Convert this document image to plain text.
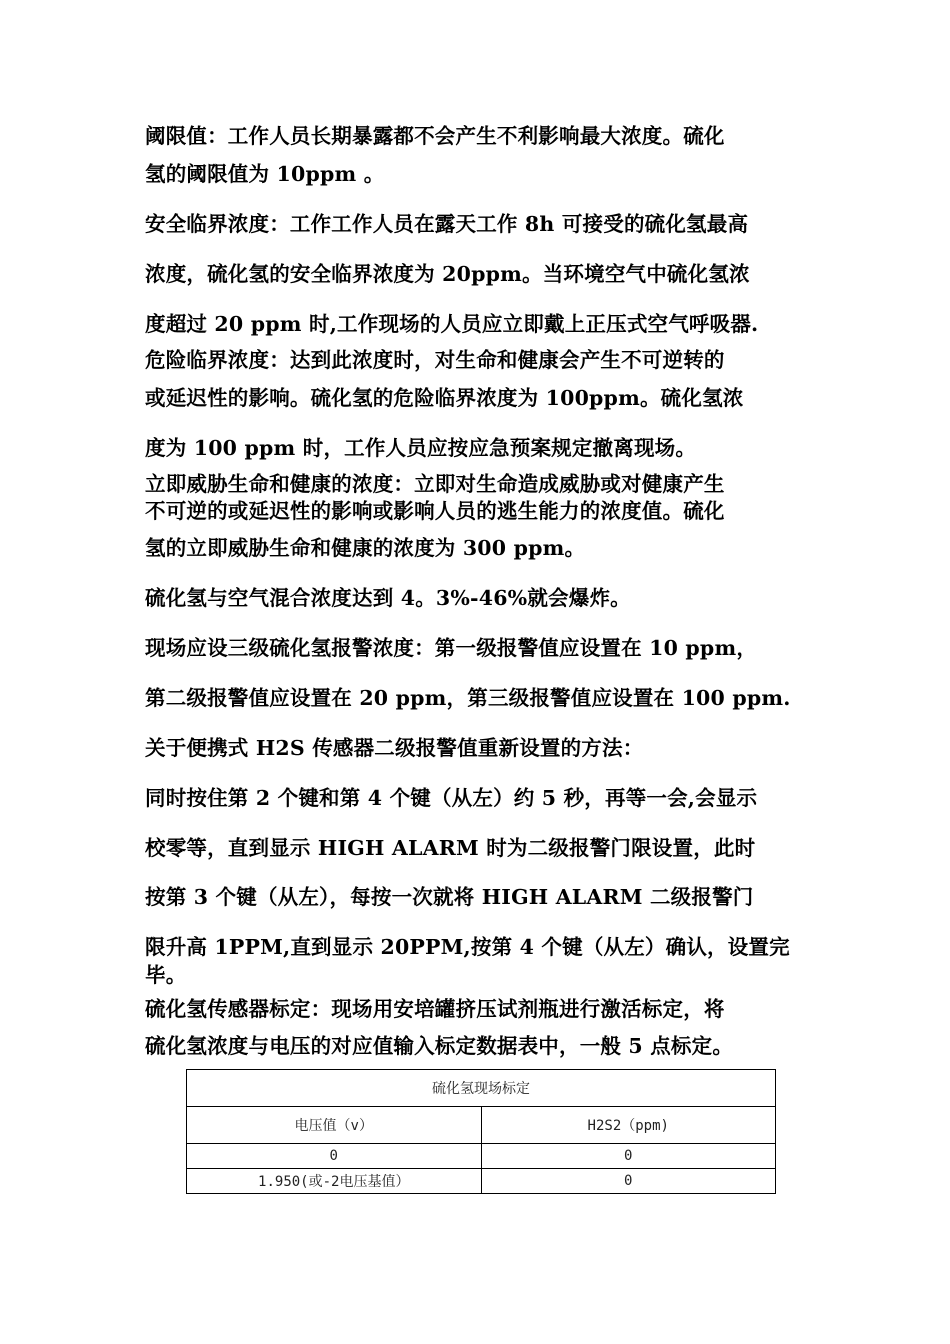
阈限值：工作人员长期暴露都不会产生不利影响最大浓度。硫化
氢的阈限值为 10ppm 。
安全临界浓度：工作工作人员在露天工作 8h 可接受的硫化氢最高
浓度，硫化氢的安全临界浓度为 20ppm。当环境空气中硫化氢浓
度超过 20 ppm 时,工作现场的人员应立即戴上正压式空气呼吸器.
危险临界浓度：达到此浓度时，对生命和健康会产生不可逆转的
或延迟性的影响。硫化氢的危险临界浓度为 100ppm。硫化氢浓
度为 100 ppm 时，工作人员应按应急预案规定撤离现场。
立即威胁生命和健康的浓度：立即对生命造成威胁或对健康产生
不可逆的或延迟性的影响或影响人员的逃生能力的浓度值。硫化
氢的立即威胁生命和健康的浓度为 300 ppm。
硫化氢与空气混合浓度达到 4。3%-46%就会爆炸。
现场应设三级硫化氢报警浓度：第一级报警值应设置在 10 ppm，
第二级报警值应设置在 20 ppm，第三级报警值应设置在 100 ppm.
关于便携式 H2S 传感器二级报警值重新设置的方法：
同时按住第 2 个键和第 4 个键（从左）约 5 秒，再等一会,会显示
校零等，直到显示 HIGH ALARM 时为二级报警门限设置，此时
按第 3 个键（从左），每按一次就将 HIGH ALARM 二级报警门
限升高 1PPM,直到显示 20PPM,按第 4 个键（从左）确认，设置完
毕。
硫化氢传感器标定：现场用安培罐挤压试剂瓶进行激活标定，将
硫化氢浓度与电压的对应值输入标定数据表中，一般 5 点标定。
硫化氢现场标定	
电压值（v）	H2S2（ppm)
0	0
1.950(或-2电压基值）	0
